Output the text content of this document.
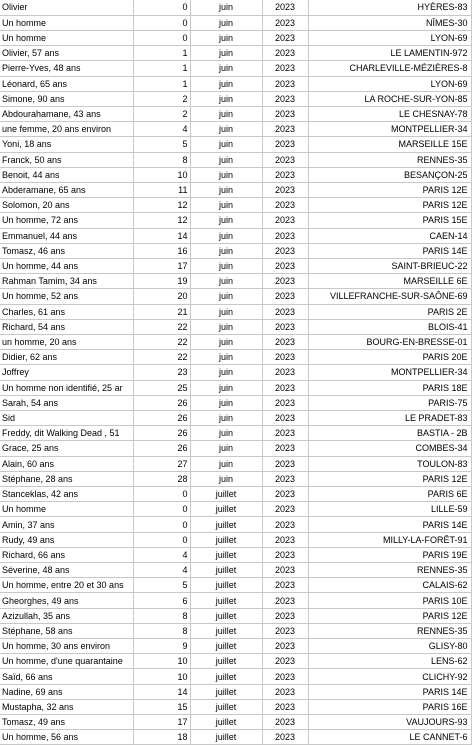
Olivier	0	juin	2023	HYÈRES-83
Un homme	0	juin	2023	NÎMES-30
Un homme	0	juin	2023	LYON-69
Olivier, 57 ans	1	juin	2023	LE LAMENTIN-972
Pierre-Yves, 48 ans	1	juin	2023	CHARLEVILLE-MÉZIÈRES-8
Léonard, 65 ans	1	juin	2023	LYON-69
Simone, 90 ans	2	juin	2023	LA ROCHE-SUR-YON-85
Abdourahamane, 43 ans	2	juin	2023	LE CHESNAY-78
une femme, 20 ans environ	4	juin	2023	MONTPELLIER-34
Yoni, 18 ans	5	juin	2023	MARSEILLE 15E
Franck, 50 ans	8	juin	2023	RENNES-35
Benoit, 44 ans	10	juin	2023	BESANÇON-25
Abderamane, 65 ans	11	juin	2023	PARIS 12E
Solomon, 20 ans	12	juin	2023	PARIS 12E
Un homme, 72 ans	12	juin	2023	PARIS 15E
Emmanuel, 44 ans	14	juin	2023	CAEN-14
Tomasz, 46 ans	16	juin	2023	PARIS 14E
Un homme, 44 ans	17	juin	2023	SAINT-BRIEUC-22
Rahman Tamim, 34 ans	19	juin	2023	MARSEILLE 6E
Un homme, 52 ans	20	juin	2023	VILLEFRANCHE-SUR-SAÔNE-69
Charles, 61 ans	21	juin	2023	PARIS 2E
Richard, 54 ans	22	juin	2023	BLOIS-41
un homme, 20 ans	22	juin	2023	BOURG-EN-BRESSE-01
Didier, 62 ans	22	juin	2023	PARIS 20E
Joffrey	23	juin	2023	MONTPELLIER-34
Un homme non identifié, 25 ar	25	juin	2023	PARIS 18E
Sarah, 54 ans	26	juin	2023	PARIS-75
Sid	26	juin	2023	LE PRADET-83
Freddy, dit Walking Dead , 51	26	juin	2023	BASTIA - 2B
Grace, 25 ans	26	juin	2023	COMBES-34
Alain, 60 ans	27	juin	2023	TOULON-83
Stéphane, 28 ans	28	juin	2023	PARIS 12E
Stanceklas, 42 ans	0	juillet	2023	PARIS 6E
Un homme	0	juillet	2023	LILLE-59
Amin, 37 ans	0	juillet	2023	PARIS 14E
Rudy, 49 ans	0	juillet	2023	MILLY-LA-FORÊT-91
Richard, 66 ans	4	juillet	2023	PARIS 19E
Séverine, 48 ans	4	juillet	2023	RENNES-35
Un homme, entre 20 et 30 ans	5	juillet	2023	CALAIS-62
Gheorghes, 49 ans	6	juillet	2023	PARIS 10E
Azizullah, 35 ans	8	juillet	2023	PARIS 12E
Stéphane, 58 ans	8	juillet	2023	RENNES-35
Un homme, 30 ans environ	9	juillet	2023	GLISY-80
Un homme, d'une quarantaine	10	juillet	2023	LENS-62
Saïd, 66 ans	10	juillet	2023	CLICHY-92
Nadine, 69 ans	14	juillet	2023	PARIS 14E
Mustapha, 32 ans	15	juillet	2023	PARIS 16E
Tomasz, 49 ans	17	juillet	2023	VAUJOURS-93
Un homme, 56 ans	18	juillet	2023	LE CANNET-6
